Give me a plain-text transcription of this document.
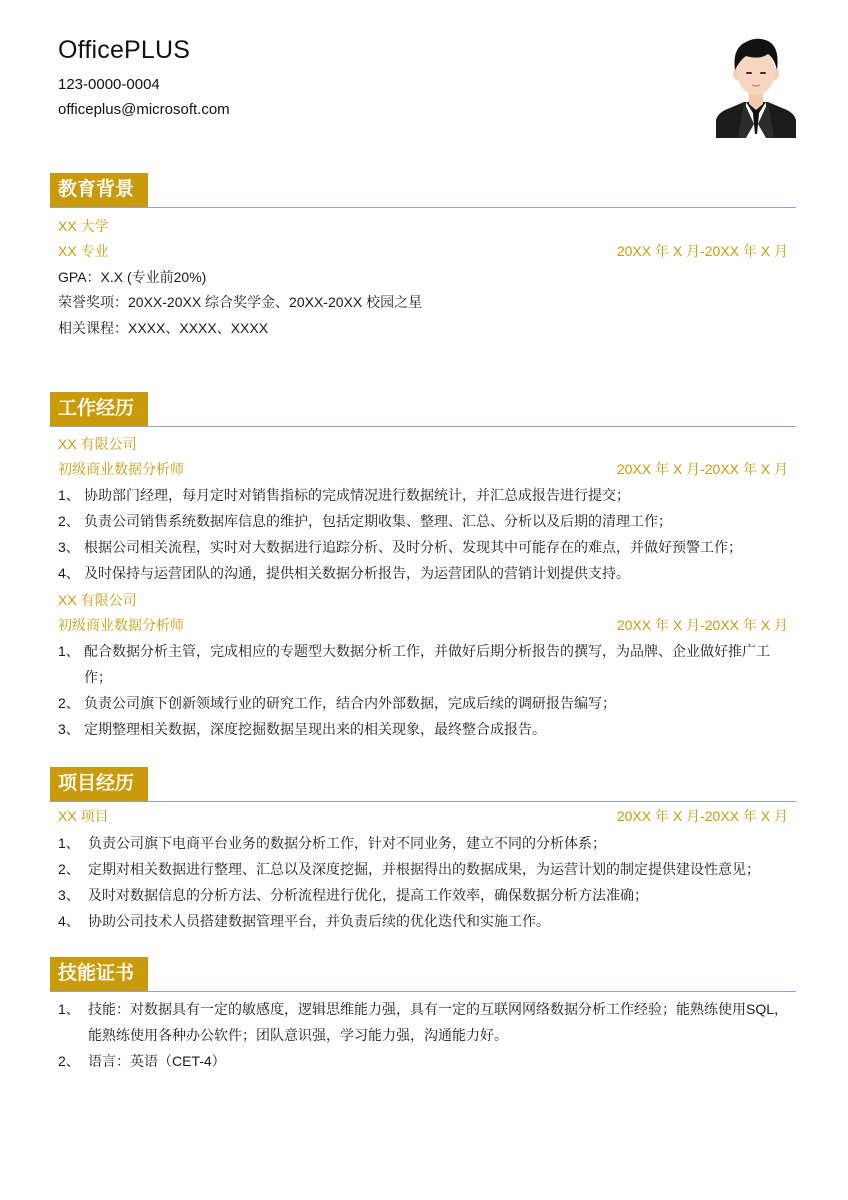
OfficePLUS
123-0000-0004
officeplus@microsoft.com
教育背景
XX 大学
XX 专业	20XX 年 X 月-20XX 年 X 月
GPA：X.X (专业前20%)
荣誉奖项：20XX-20XX 综合奖学金、20XX-20XX 校园之星
相关课程：XXXX、XXXX、XXXX
工作经历
XX 有限公司
初级商业数据分析师	20XX 年 X 月-20XX 年 X 月
1、 协助部门经理，每月定时对销售指标的完成情况进行数据统计，并汇总成报告进行提交；
2、 负责公司销售系统数据库信息的维护，包括定期收集、整理、汇总、分析以及后期的清理工作；
3、 根据公司相关流程，实时对大数据进行追踪分析、及时分析、发现其中可能存在的难点，并做好预警工作；
4、 及时保持与运营团队的沟通，提供相关数据分析报告，为运营团队的营销计划提供支持。
XX 有限公司
初级商业数据分析师	20XX 年 X 月-20XX 年 X 月
1、 配合数据分析主管，完成相应的专题型大数据分析工作，并做好后期分析报告的撰写，为品牌、企业做好推广工作；
2、 负责公司旗下创新领域行业的研究工作，结合内外部数据，完成后续的调研报告编写；
3、 定期整理相关数据，深度挖掘数据呈现出来的相关现象，最终整合成报告。
项目经历
XX 项目	20XX 年 X 月-20XX 年 X 月
1、 负责公司旗下电商平台业务的数据分析工作，针对不同业务，建立不同的分析体系；
2、 定期对相关数据进行整理、汇总以及深度挖掘，并根据得出的数据成果，为运营计划的制定提供建设性意见；
3、 及时对数据信息的分析方法、分析流程进行优化，提高工作效率，确保数据分析方法准确；
4、 协助公司技术人员搭建数据管理平台，并负责后续的优化迭代和实施工作。
技能证书
1、 技能：对数据具有一定的敏感度，逻辑思维能力强，具有一定的互联网网络数据分析工作经验；能熟练使用SQL，能熟练使用各种办公软件；团队意识强，学习能力强，沟通能力好。
2、 语言：英语（CET-4）
